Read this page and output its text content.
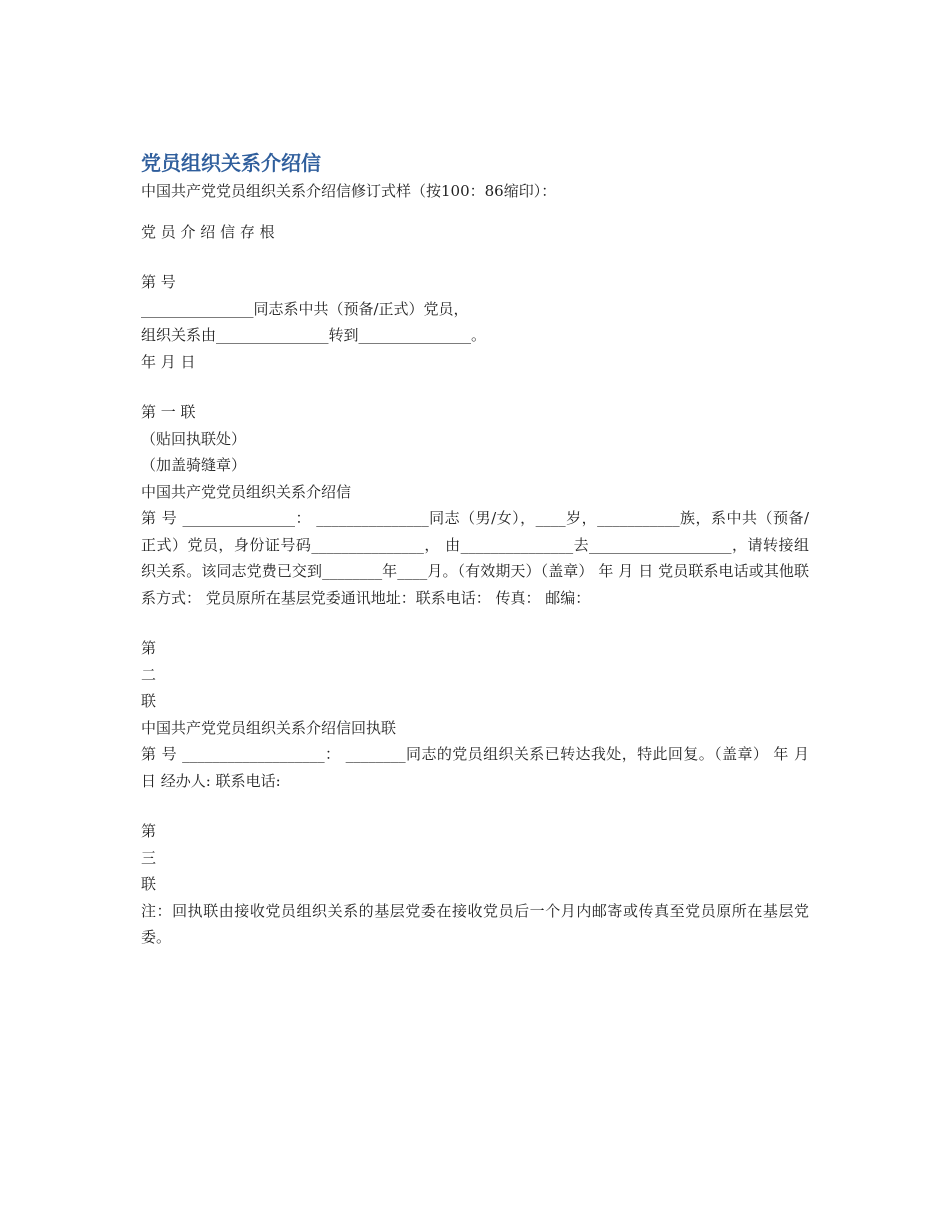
党员组织关系介绍信
中国共产党党员组织关系介绍信修订式样（按100：86缩印）：
党 员 介 绍 信 存 根
第 号
_______________同志系中共（预备/正式）党员，
组织关系由_______________转到_______________。
年 月 日
第 一 联
（贴回执联处）
（加盖骑缝章）
中国共产党党员组织关系介绍信
第 号 _______________： _______________同志（男/女），____岁，___________族，系中共（预备/正式）党员，身份证号码_______________， 由_______________去___________________，请转接组织关系。该同志党费已交到________年____月。（有效期天）（盖章） 年 月 日 党员联系电话或其他联系方式： 党员原所在基层党委通讯地址：联系电话： 传真： 邮编：
第
二
联
中国共产党党员组织关系介绍信回执联
第 号 ___________________： ________同志的党员组织关系已转达我处，特此回复。（盖章） 年 月 日 经办人: 联系电话:
第
三
联
注：回执联由接收党员组织关系的基层党委在接收党员后一个月内邮寄或传真至党员原所在基层党委。
